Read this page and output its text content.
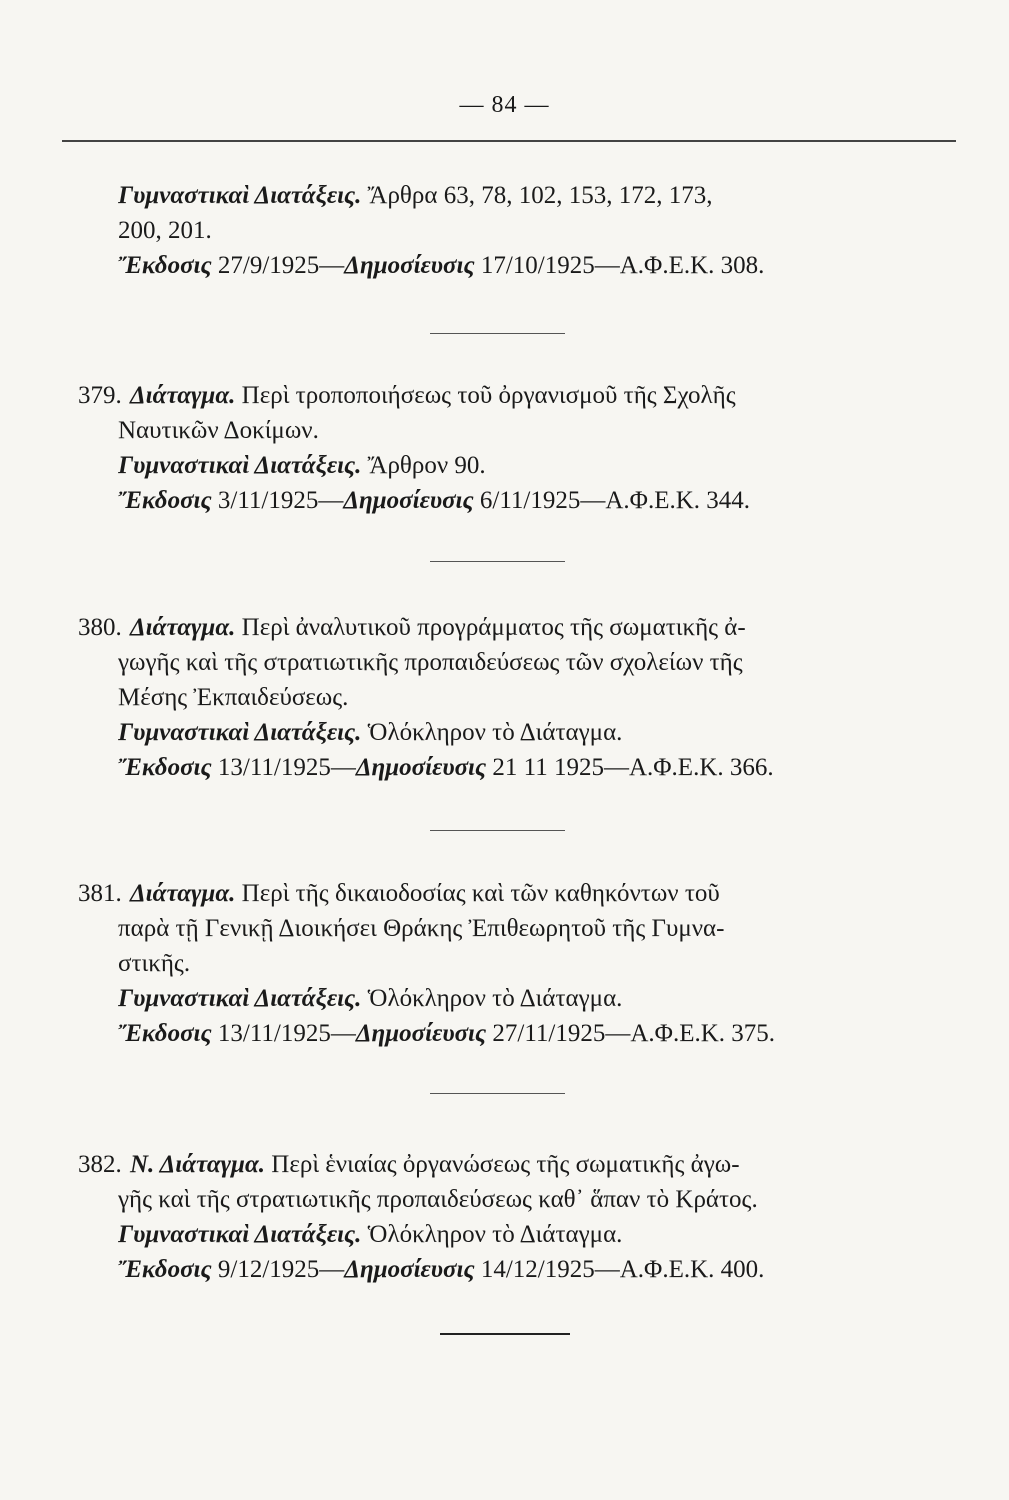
— 84 —
Γυμναστικαὶ Διατάξεις. Ἄρθρα 63, 78, 102, 153, 172, 173,
200, 201.
Ἔκδοσις 27/9/1925—Δημοσίευσις 17/10/1925—Α.Φ.Ε.Κ. 308.
379. Διάταγμα. Περὶ τροποποιήσεως τοῦ ὀργανισμοῦ τῆς Σχολῆς
Ναυτικῶν Δοκίμων.
Γυμναστικαὶ Διατάξεις. Ἄρθρον 90.
Ἔκδοσις 3/11/1925—Δημοσίευσις 6/11/1925—Α.Φ.Ε.Κ. 344.
380. Διάταγμα. Περὶ ἀναλυτικοῦ προγράμματος τῆς σωματικῆς ἀ-
γωγῆς καὶ τῆς στρατιωτικῆς προπαιδεύσεως τῶν σχολείων τῆς
Μέσης Ἐκπαιδεύσεως.
Γυμναστικαὶ Διατάξεις. Ὁλόκληρον τὸ Διάταγμα.
Ἔκδοσις 13/11/1925—Δημοσίευσις 21 11 1925—Α.Φ.Ε.Κ. 366.
381. Διάταγμα. Περὶ τῆς δικαιοδοσίας καὶ τῶν καθηκόντων τοῦ
παρὰ τῇ Γενικῇ Διοικήσει Θράκης Ἐπιθεωρητοῦ τῆς Γυμνα-
στικῆς.
Γυμναστικαὶ Διατάξεις. Ὁλόκληρον τὸ Διάταγμα.
Ἔκδοσις 13/11/1925—Δημοσίευσις 27/11/1925—Α.Φ.Ε.Κ. 375.
382. Ν. Διάταγμα. Περὶ ἑνιαίας ὀργανώσεως τῆς σωματικῆς ἀγω-
γῆς καὶ τῆς στρατιωτικῆς προπαιδεύσεως καθ᾽ ἅπαν τὸ Κράτος.
Γυμναστικαὶ Διατάξεις. Ὁλόκληρον τὸ Διάταγμα.
Ἔκδοσις 9/12/1925—Δημοσίευσις 14/12/1925—Α.Φ.Ε.Κ. 400.
